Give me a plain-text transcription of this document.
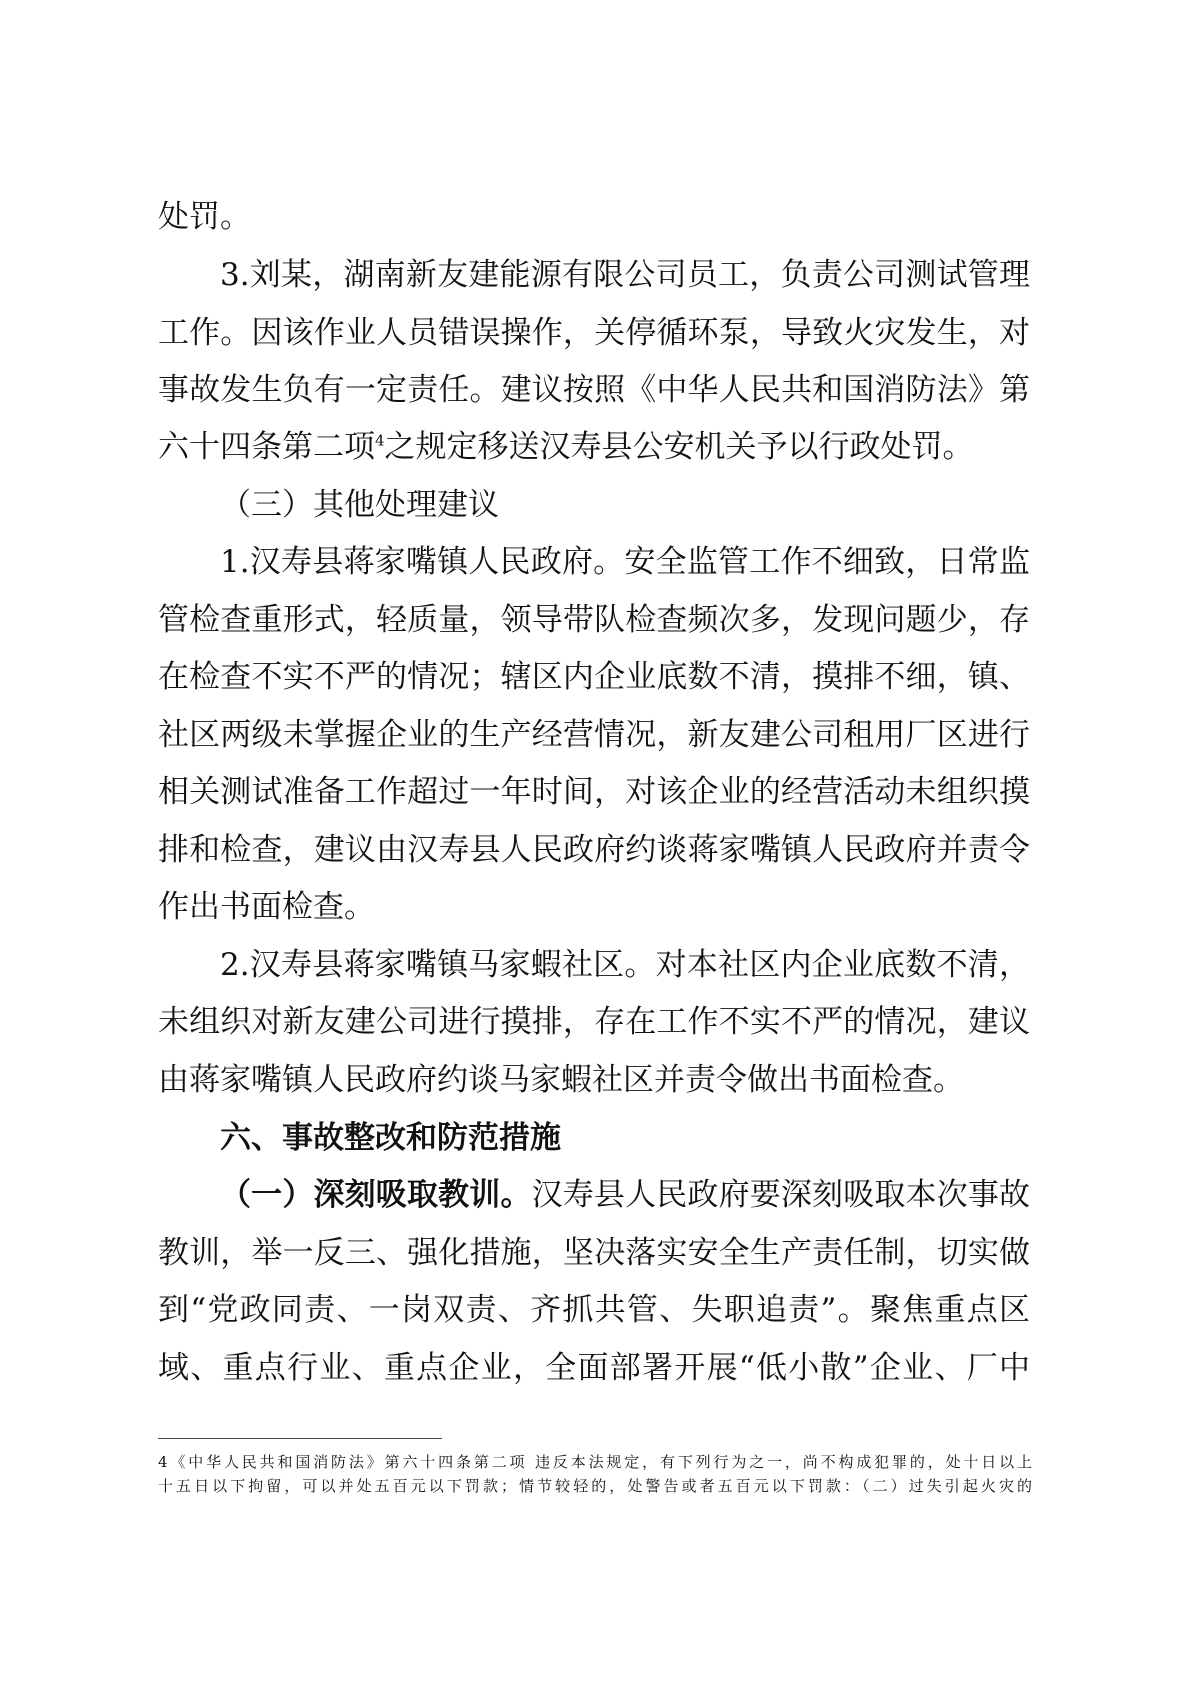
处罚。
3.刘某，湖南新友建能源有限公司员工，负责公司测试管理
工作。因该作业人员错误操作，关停循环泵，导致火灾发生，对
事故发生负有一定责任。建议按照《中华人民共和国消防法》第
六十四条第二项$^4$之规定移送汉寿县公安机关予以行政处罚。
（三）其他处理建议
1.汉寿县蒋家嘴镇人民政府。安全监管工作不细致，日常监
管检查重形式，轻质量，领导带队检查频次多，发现问题少，存
在检查不实不严的情况；辖区内企业底数不清，摸排不细，镇、
社区两级未掌握企业的生产经营情况，新友建公司租用厂区进行
相关测试准备工作超过一年时间，对该企业的经营活动未组织摸
排和检查，建议由汉寿县人民政府约谈蒋家嘴镇人民政府并责令
作出书面检查。
2.汉寿县蒋家嘴镇马家蝦社区。对本社区内企业底数不清，
未组织对新友建公司进行摸排，存在工作不实不严的情况，建议
由蒋家嘴镇人民政府约谈马家蝦社区并责令做出书面检查。
六、事故整改和防范措施
（一）深刻吸取教训。汉寿县人民政府要深刻吸取本次事故
教训，举一反三、强化措施，坚决落实安全生产责任制，切实做
到“党政同责、一岗双责、齐抓共管、失职追责”。聚焦重点区
域、重点行业、重点企业，全面部署开展“低小散”企业、厂中
4《中华人民共和国消防法》第六十四条第二项 违反本法规定，有下列行为之一，尚不构成犯罪的，处十日以上
十五日以下拘留，可以并处五百元以下罚款；情节较轻的，处警告或者五百元以下罚款：（二）过失引起火灾的
